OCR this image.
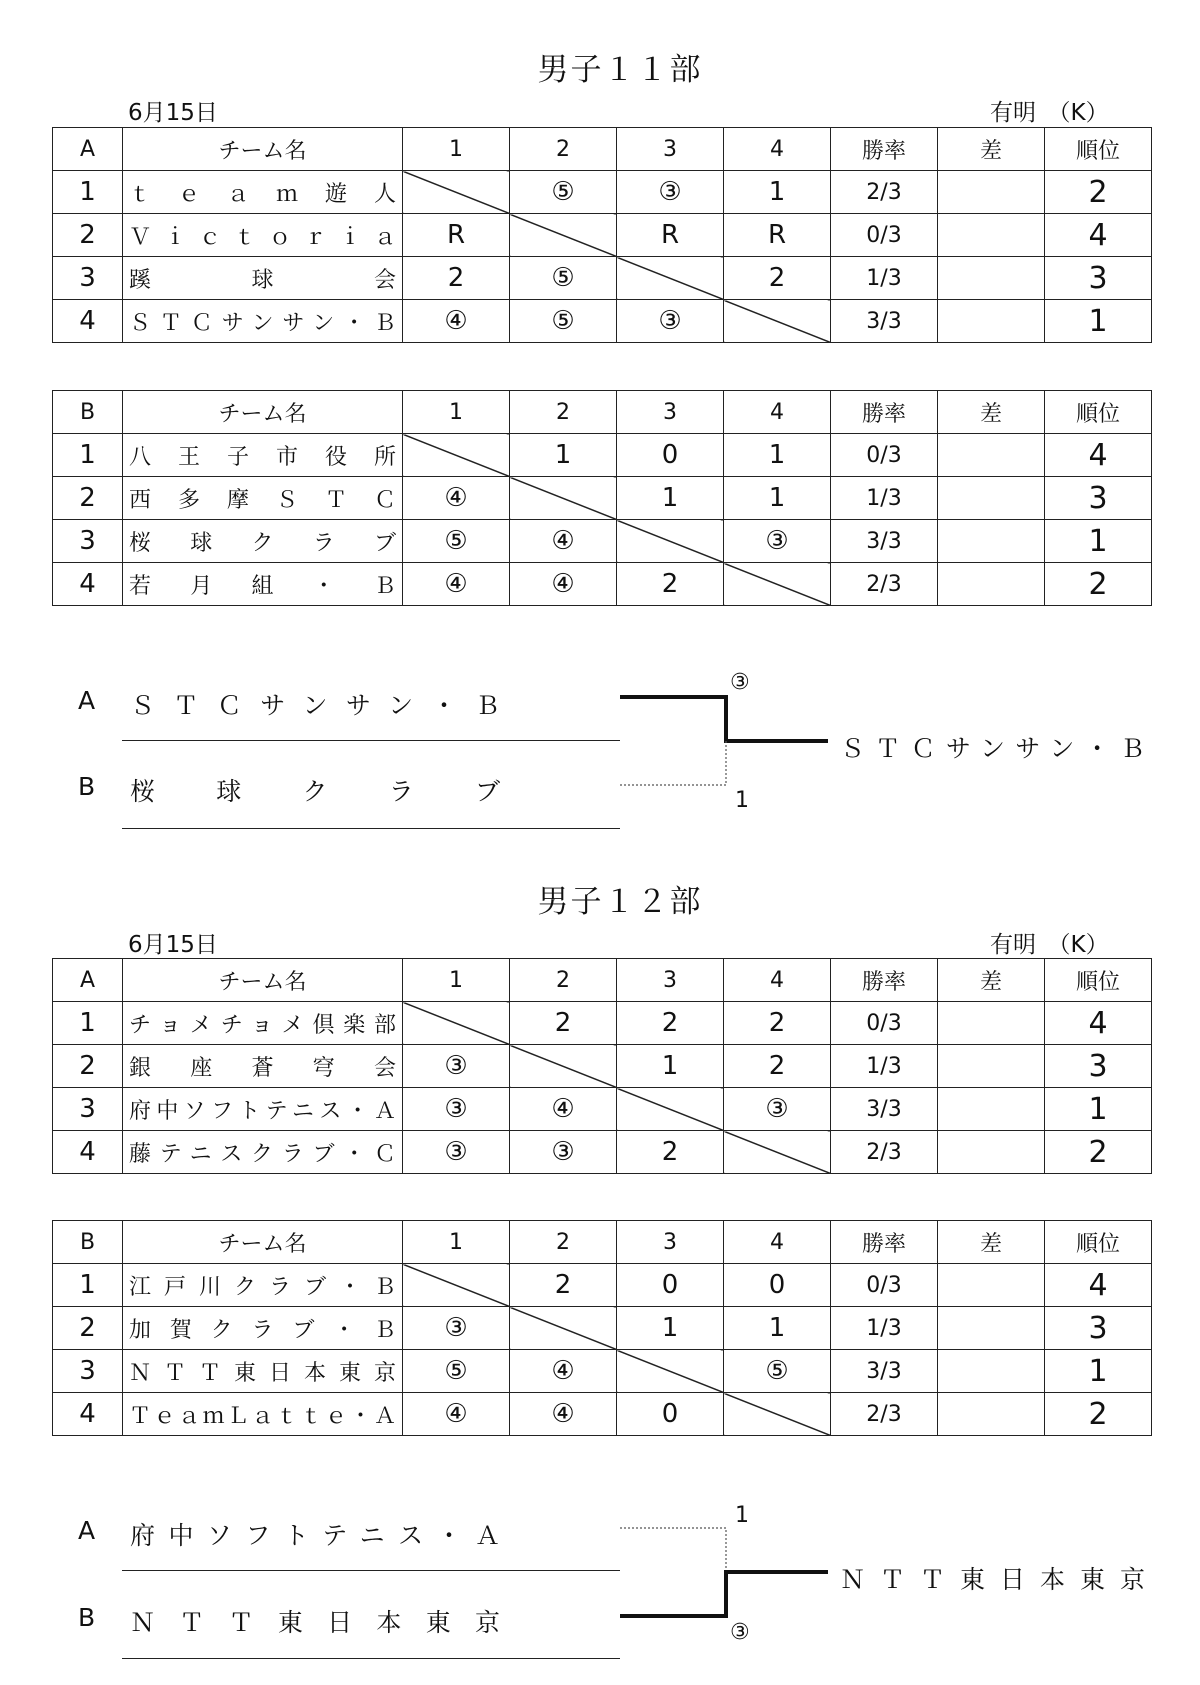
男子１１部
6月15日	有明　（K）
A	チーム名	1	2	3	4	勝率	差	順位
1	ｔｅａｍ遊人		⑤	③	1	2/3		2
2	Ｖｉｃｔｏｒｉａ	R		R	R	0/3		4
3	蹊球会	2	⑤		2	1/3		3
4	ＳＴＣサンサン・Ｂ	④	⑤	③		3/3		1
B	チーム名	1	2	3	4	勝率	差	順位
1	八王子市役所		1	0	1	0/3		4
2	西多摩ＳＴＣ	④		1	1	1/3		3
3	桜球クラブ	⑤	④		③	3/3		1
4	若月組・Ｂ	④	④	2		2/3		2
A ＳＴＣサンサン・Ｂ
B 桜球クラブ
③
1
ＳＴＣサンサン・Ｂ
男子１２部
6月15日	有明　（K）
A	チーム名	1	2	3	4	勝率	差	順位
1	チョメチョメ倶楽部		2	2	2	0/3		4
2	銀座蒼穹会	③		1	2	1/3		3
3	府中ソフトテニス・Ａ	③	④		③	3/3		1
4	藤テニスクラブ・Ｃ	③	③	2		2/3		2
B	チーム名	1	2	3	4	勝率	差	順位
1	江戸川クラブ・Ｂ		2	0	0	0/3		4
2	加賀クラブ・Ｂ	③		1	1	1/3		3
3	ＮＴＴ東日本東京	⑤	④		⑤	3/3		1
4	ＴｅａｍＬａｔｔｅ・Ａ	④	④	0		2/3		2
A 府中ソフトテニス・Ａ
B ＮＴＴ東日本東京
1
③
ＮＴＴ東日本東京
